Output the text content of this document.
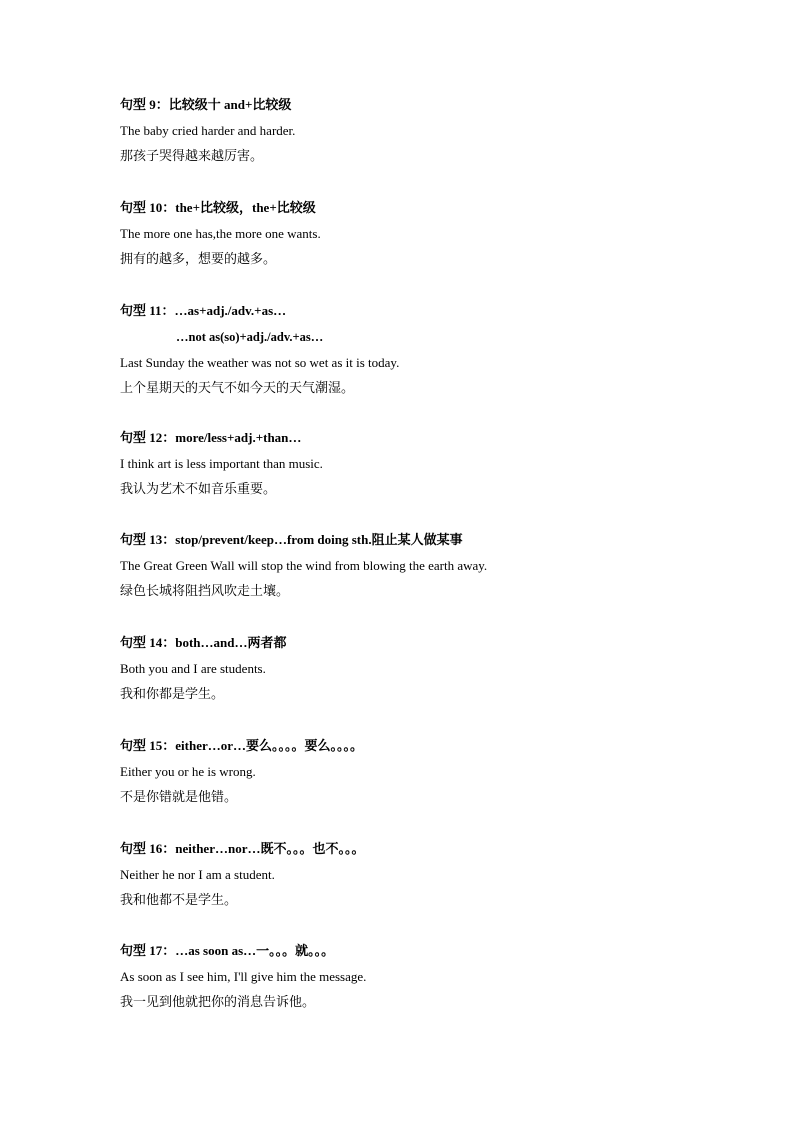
句型 9：比较级十 and+比较级
The baby cried harder and harder.
那孩子哭得越来越厉害。
句型 10：the+比较级，the+比较级
The more one has,the more one wants.
拥有的越多，想要的越多。
句型 11：…as+adj./adv.+as…
…not as(so)+adj./adv.+as…
Last Sunday the weather was not so wet as it is today.
上个星期天的天气不如今天的天气潮湿。
句型 12：more/less+adj.+than…
I think art is less important than music.
我认为艺术不如音乐重要。
句型 13：stop/prevent/keep…from doing sth.阻止某人做某事
The Great Green Wall will stop the wind from blowing the earth away.
绿色长城将阻挡风吹走土壤。
句型 14：both…and…两者都
Both you and I are students.
我和你都是学生。
句型 15：either…or…要么。。。。要么。。。。
Either you or he is wrong.
不是你错就是他错。
句型 16：neither…nor…既不。。。也不。。。
Neither he nor I am a student.
我和他都不是学生。
句型 17：…as soon as…一。。。就。。。
As soon as I see him, I'll give him the message.
我一见到他就把你的消息告诉他。
